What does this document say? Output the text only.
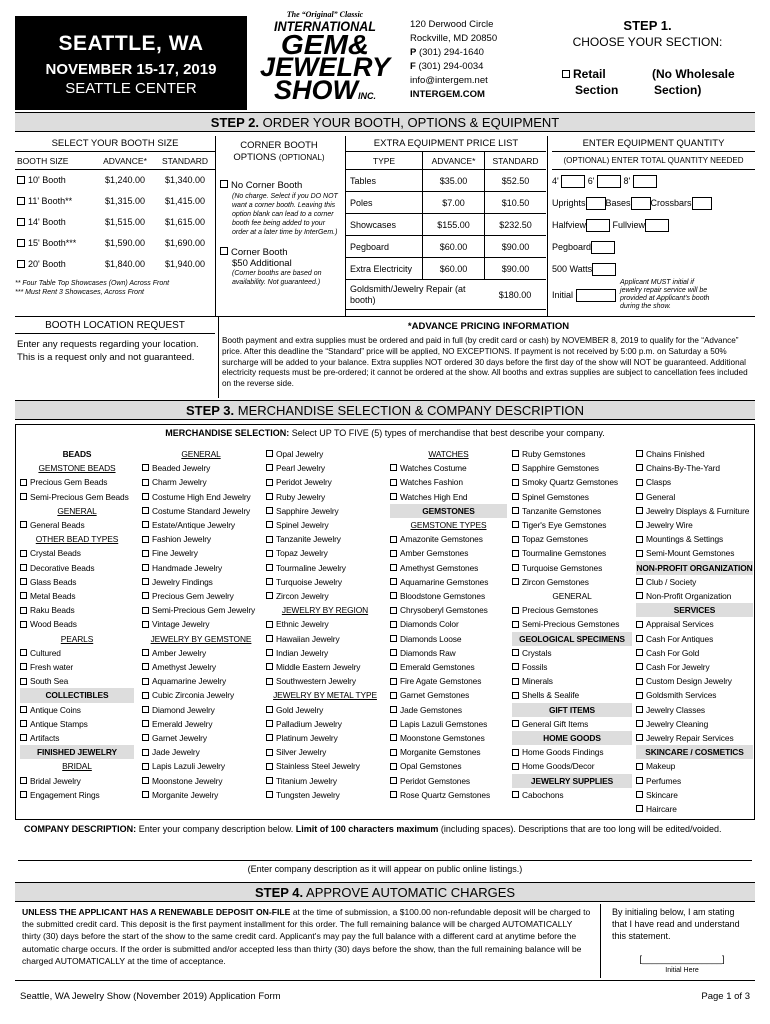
SEATTLE, WA
NOVEMBER 15-17, 2019
SEATTLE CENTER
The “Original” Classic
INTERNATIONAL
GEM&
JEWELRY
SHOWINC.
120 Derwood Circle
Rockville, MD 20850
P (301) 294-1640
F (301) 294-0034
info@intergem.net
INTERGEM.COM
STEP 1.
CHOOSE YOUR SECTION:
Retail
Section
(No Wholesale
Section)
STEP 2. ORDER YOUR BOOTH, OPTIONS & EQUIPMENT
SELECT YOUR BOOTH SIZE
BOOTH SIZE	ADVANCE*	STANDARD
10' Booth	$1,240.00	$1,340.00
11' Booth**	$1,315.00	$1,415.00
14' Booth	$1,515.00	$1,615.00
15' Booth***	$1,590.00	$1,690.00
20' Booth	$1,840.00	$1,940.00
** Four Table Top Showcases (Own) Across Front
*** Must Rent 3 Showcases, Across Front
CORNER BOOTH
OPTIONS (OPTIONAL)
No Corner Booth
(No charge. Select if you DO NOT want a corner booth. Leaving this option blank can lead to a corner booth fee being added to your order at a later time by InterGem.)
Corner Booth
$50 Additional
(Corner booths are based on availability. Not guaranteed.)
EXTRA EQUIPMENT PRICE LIST
TYPE	ADVANCE*	STANDARD
Tables	$35.00	$52.50
Poles	$7.00	$10.50
Showcases	$155.00	$232.50
Pegboard	$60.00	$90.00
Extra Electricity	$60.00	$90.00
Goldsmith/Jewelry Repair (at booth)	$180.00
ENTER EQUIPMENT QUANTITY
(OPTIONAL) ENTER TOTAL QUANTITY NEEDED
4'	6'	8'
Uprights Bases Crossbars
Halfview	Fullview
Pegboard
500 Watts
Initial
Applicant MUST initial if jewelry repair service will be provided at Applicant's booth during the show.
BOOTH LOCATION REQUEST
Enter any requests regarding your location. This is a request only and not guaranteed.
*ADVANCE PRICING INFORMATION
Booth payment and extra supplies must be ordered and paid in full (by credit card or cash) by NOVEMBER 8, 2019 to qualify for the “Advance” price. After this deadline the “Standard” price will be applied, NO EXCEPTIONS. If payment is not received by 5:00 p.m. on Saturday a 50% surcharge will be added to your balance. Extra supplies NOT ordered 30 days before the first day of the show will NOT be guaranteed. Additional electricity requests must be pre-ordered; it cannot be ordered at the show. All booths and extras supplies are subject to cancellation fees included on the reverse side.
STEP 3. MERCHANDISE SELECTION & COMPANY DESCRIPTION
MERCHANDISE SELECTION: Select UP TO FIVE (5) types of merchandise that best describe your company.
BEADS
GEMSTONE BEADS
Precious Gem Beads
Semi-Precious Gem Beads
GENERAL
General Beads
OTHER BEAD TYPES
Crystal Beads
Decorative Beads
Glass Beads
Metal Beads
Raku Beads
Wood Beads
PEARLS
Cultured
Fresh water
South Sea
COLLECTIBLES
Antique Coins
Antique Stamps
Artifacts
FINISHED JEWELRY
BRIDAL
Bridal Jewelry
Engagement Rings
GENERAL
Beaded Jewelry
Charm Jewelry
Costume High End Jewelry
Costume Standard Jewelry
Estate/Antique Jewelry
Fashion Jewelry
Fine Jewelry
Handmade Jewelry
Jewelry Findings
Precious Gem Jewelry
Semi-Precious Gem Jewelry
Vintage Jewelry
JEWELRY BY GEMSTONE
Amber Jewelry
Amethyst Jewelry
Aquamarine Jewelry
Cubic Zirconia Jewelry
Diamond Jewelry
Emerald Jewelry
Garnet Jewelry
Jade Jewelry
Lapis Lazuli Jewelry
Moonstone Jewelry
Morganite Jewelry
Opal Jewelry
Pearl Jewelry
Peridot Jewelry
Ruby Jewelry
Sapphire Jewelry
Spinel Jewelry
Tanzanite Jewelry
Topaz Jewelry
Tourmaline Jewelry
Turquoise Jewelry
Zircon Jewelry
JEWELRY BY REGION
Ethnic Jewelry
Hawaiian Jewelry
Indian Jewelry
Middle Eastern Jewelry
Southwestern Jewelry
JEWELRY BY METAL TYPE
Gold Jewelry
Palladium Jewelry
Platinum Jewelry
Silver Jewelry
Stainless Steel Jewelry
Titanium Jewelry
Tungsten Jewelry
WATCHES
Watches Costume
Watches Fashion
Watches High End
GEMSTONES
GEMSTONE TYPES
Amazonite Gemstones
Amber Gemstones
Amethyst Gemstones
Aquamarine Gemstones
Bloodstone Gemstones
Chrysoberyl Gemstones
Diamonds Color
Diamonds Loose
Diamonds Raw
Emerald Gemstones
Fire Agate Gemstones
Garnet Gemstones
Jade Gemstones
Lapis Lazuli Gemstones
Moonstone Gemstones
Morganite Gemstones
Opal Gemstones
Peridot Gemstones
Rose Quartz Gemstones
Ruby Gemstones
Sapphire Gemstones
Smoky Quartz Gemstones
Spinel Gemstones
Tanzanite Gemstones
Tiger's Eye Gemstones
Topaz Gemstones
Tourmaline Gemstones
Turquoise Gemstones
Zircon Gemstones
GENERAL
Precious Gemstones
Semi-Precious Gemstones
GEOLOGICAL SPECIMENS
Crystals
Fossils
Minerals
Shells & Sealife
GIFT ITEMS
General Gift Items
HOME GOODS
Home Goods Findings
Home Goods/Decor
JEWELRY SUPPLIES
Cabochons
Chains Finished
Chains-By-The-Yard
Clasps
General
Jewelry Displays & Furniture
Jewelry Wire
Mountings & Settings
Semi-Mount Gemstones
NON-PROFIT ORGANIZATION
Club / Society
Non-Profit Organization
SERVICES
Appraisal Services
Cash For Antiques
Cash For Gold
Cash For Jewelry
Custom Design Jewelry
Goldsmith Services
Jewelry Classes
Jewelry Cleaning
Jewelry Repair Services
SKINCARE / COSMETICS
Makeup
Perfumes
Skincare
Haircare
COMPANY DESCRIPTION: Enter your company description below. Limit of 100 characters maximum (including spaces). Descriptions that are too long will be edited/voided.
(Enter company description as it will appear on public online listings.)
STEP 4. APPROVE AUTOMATIC CHARGES
UNLESS THE APPLICANT HAS A RENEWABLE DEPOSIT ON-FILE at the time of submission, a $100.00 non-refundable deposit will be charged to the submitted credit card. This deposit is the first payment installment for this order. The full remaining balance will be charged AUTOMATICALLY thirty (30) days before the start of the show to the same credit card. Applicant's may pay the full balance with a different card at anytime before the automatic charge occurs. If the order is submitted and/or accepted less than thirty (30) days before the show, than the full remaining balance will be charged AUTOMATICALLY at the time of acceptance.
By initialing below, I am stating that I have read and understand this statement.
[________________]
Initial Here
Seattle, WA Jewelry Show (November 2019) Application Form	Page 1 of 3
